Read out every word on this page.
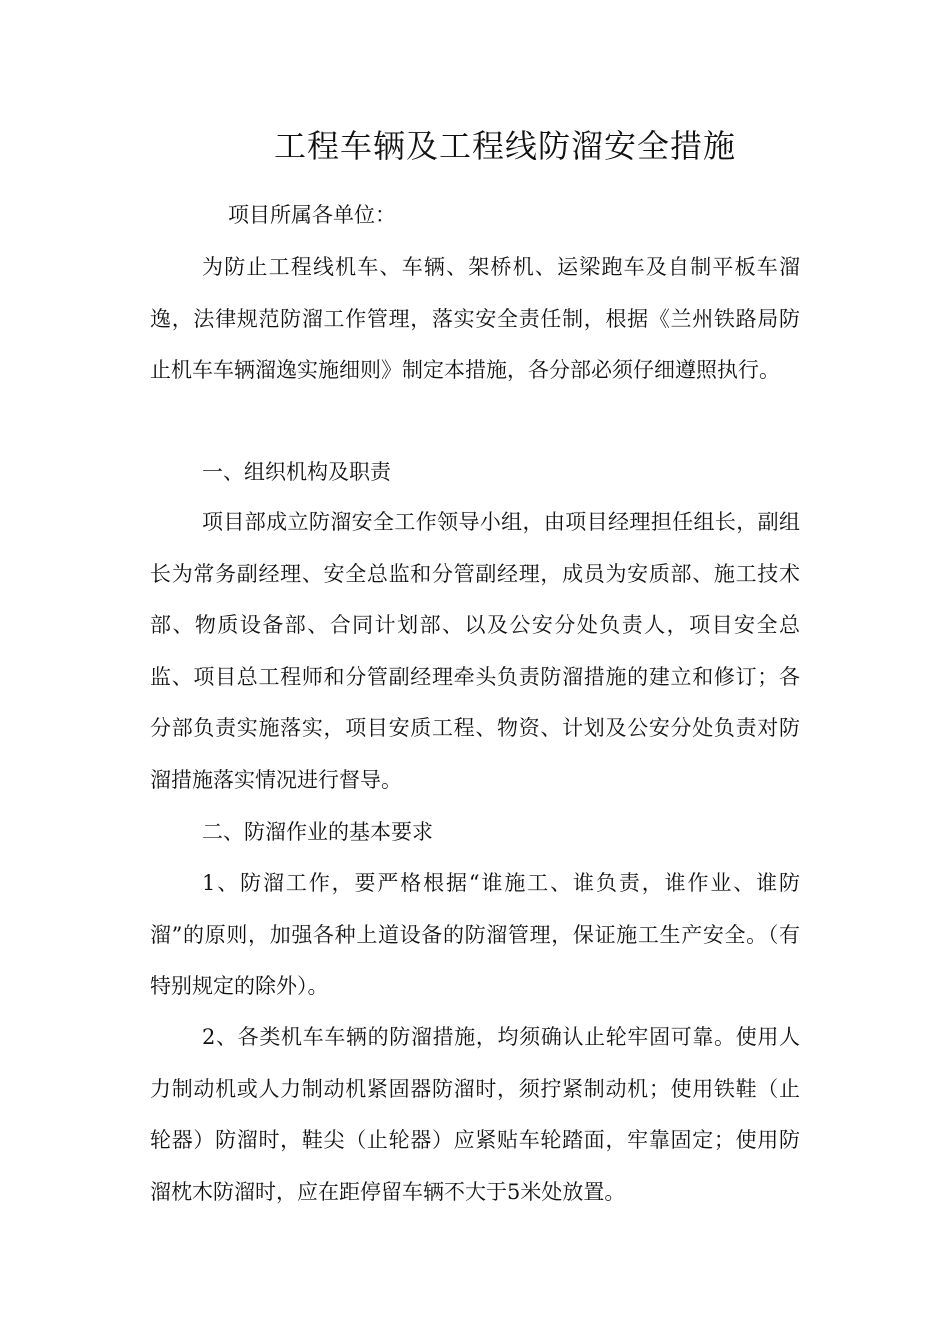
工程车辆及工程线防溜安全措施
项目所属各单位：

为防止工程线机车、车辆、架桥机、运梁跑车及自制平板车溜逸，法律规范防溜工作管理，落实安全责任制，根据《兰州铁路局防止机车车辆溜逸实施细则》制定本措施，各分部必须仔细遵照执行。

一、组织机构及职责

项目部成立防溜安全工作领导小组，由项目经理担任组长，副组长为常务副经理、安全总监和分管副经理，成员为安质部、施工技术部、物质设备部、合同计划部、以及公安分处负责人，项目安全总监、项目总工程师和分管副经理牵头负责防溜措施的建立和修订；各分部负责实施落实，项目安质工程、物资、计划及公安分处负责对防溜措施落实情况进行督导。

二、防溜作业的基本要求

1、防溜工作，要严格根据“谁施工、谁负责，谁作业、谁防溜”的原则，加强各种上道设备的防溜管理，保证施工生产安全。（有特别规定的除外）。

2、各类机车车辆的防溜措施，均须确认止轮牢固可靠。使用人力制动机或人力制动机紧固器防溜时，须拧紧制动机；使用铁鞋（止轮器）防溜时，鞋尖（止轮器）应紧贴车轮踏面，牢靠固定；使用防溜枕木防溜时，应在距停留车辆不大于5米处放置。
